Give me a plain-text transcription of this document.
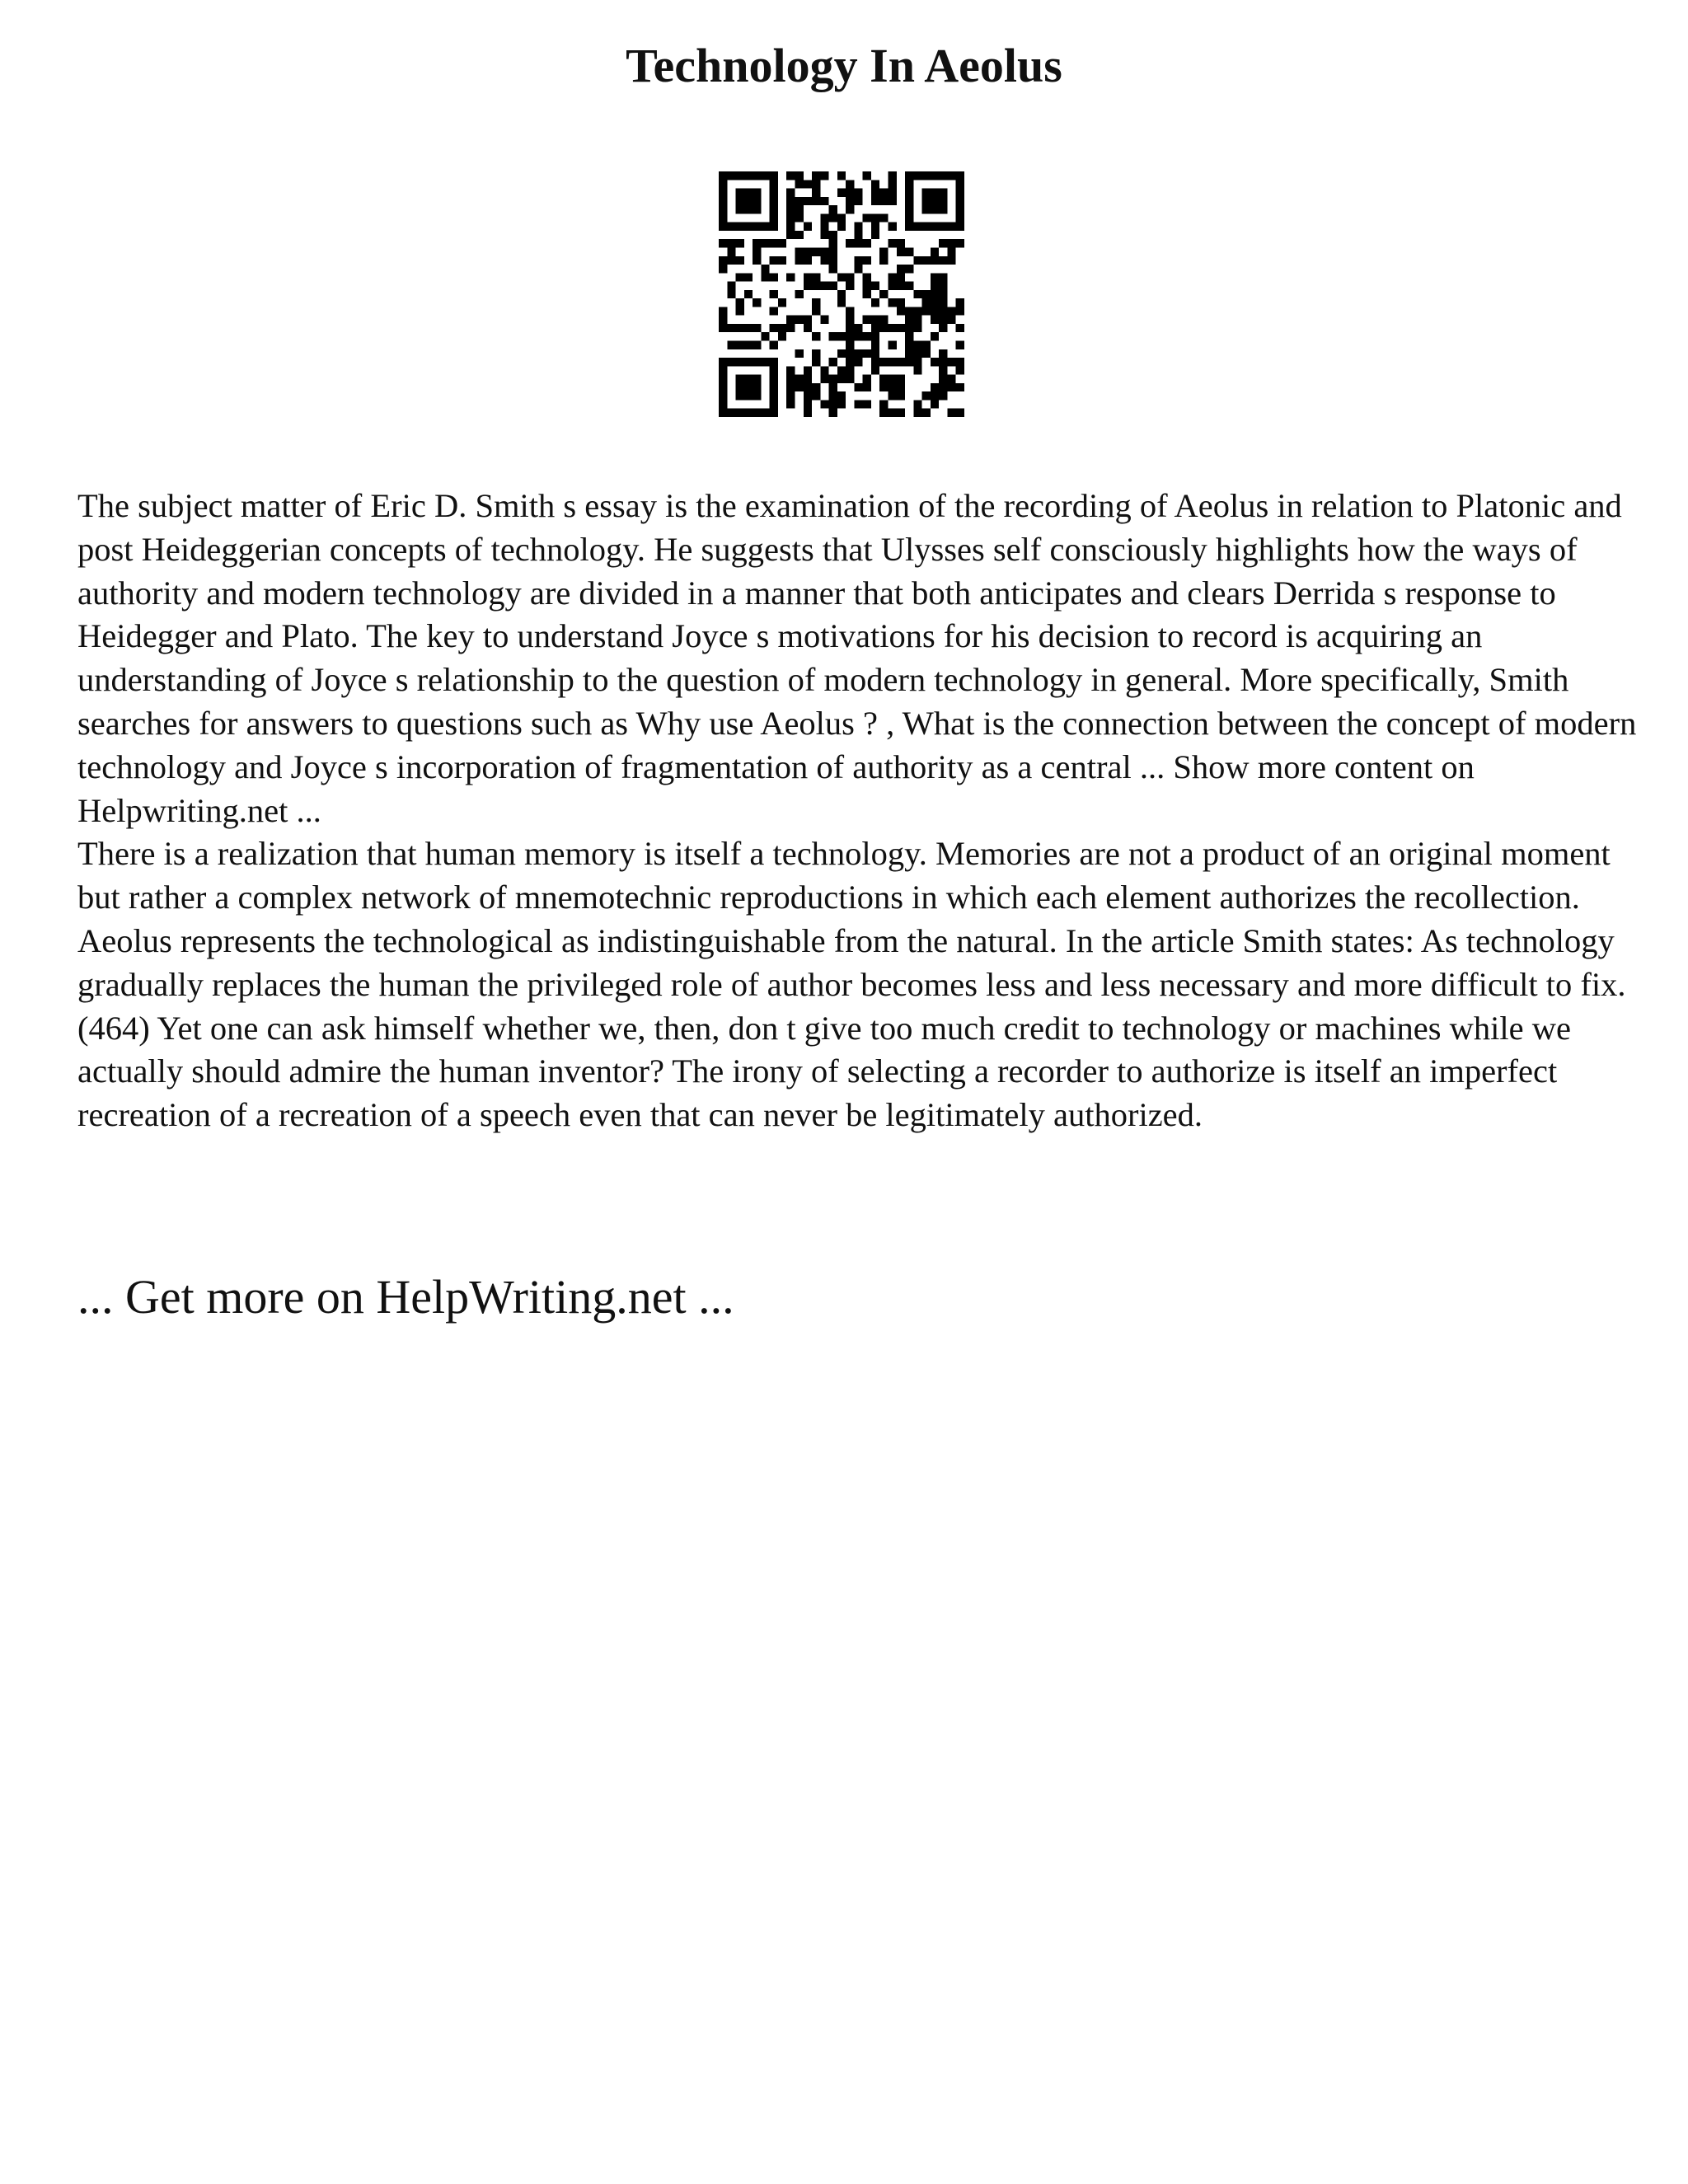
Technology In Aeolus

The subject matter of Eric D. Smith s essay is the examination of the recording of Aeolus in relation to Platonic and post Heideggerian concepts of technology. He suggests that Ulysses self consciously highlights how the ways of authority and modern technology are divided in a manner that both anticipates and clears Derrida s response to Heidegger and Plato. The key to understand Joyce s motivations for his decision to record is acquiring an understanding of Joyce s relationship to the question of modern technology in general. More specifically, Smith searches for answers to questions such as Why use Aeolus ? , What is the connection between the concept of modern technology and Joyce s incorporation of fragmentation of authority as a central ... Show more content on Helpwriting.net ...

There is a realization that human memory is itself a technology. Memories are not a product of an original moment but rather a complex network of mnemotechnic reproductions in which each element authorizes the recollection. Aeolus represents the technological as indistinguishable from the natural. In the article Smith states: As technology gradually replaces the human the privileged role of author becomes less and less necessary and more difficult to fix. (464) Yet one can ask himself whether we, then, don t give too much credit to technology or machines while we actually should admire the human inventor? The irony of selecting a recorder to authorize is itself an imperfect recreation of a recreation of a speech even that can never be legitimately authorized.

... Get more on HelpWriting.net ...
